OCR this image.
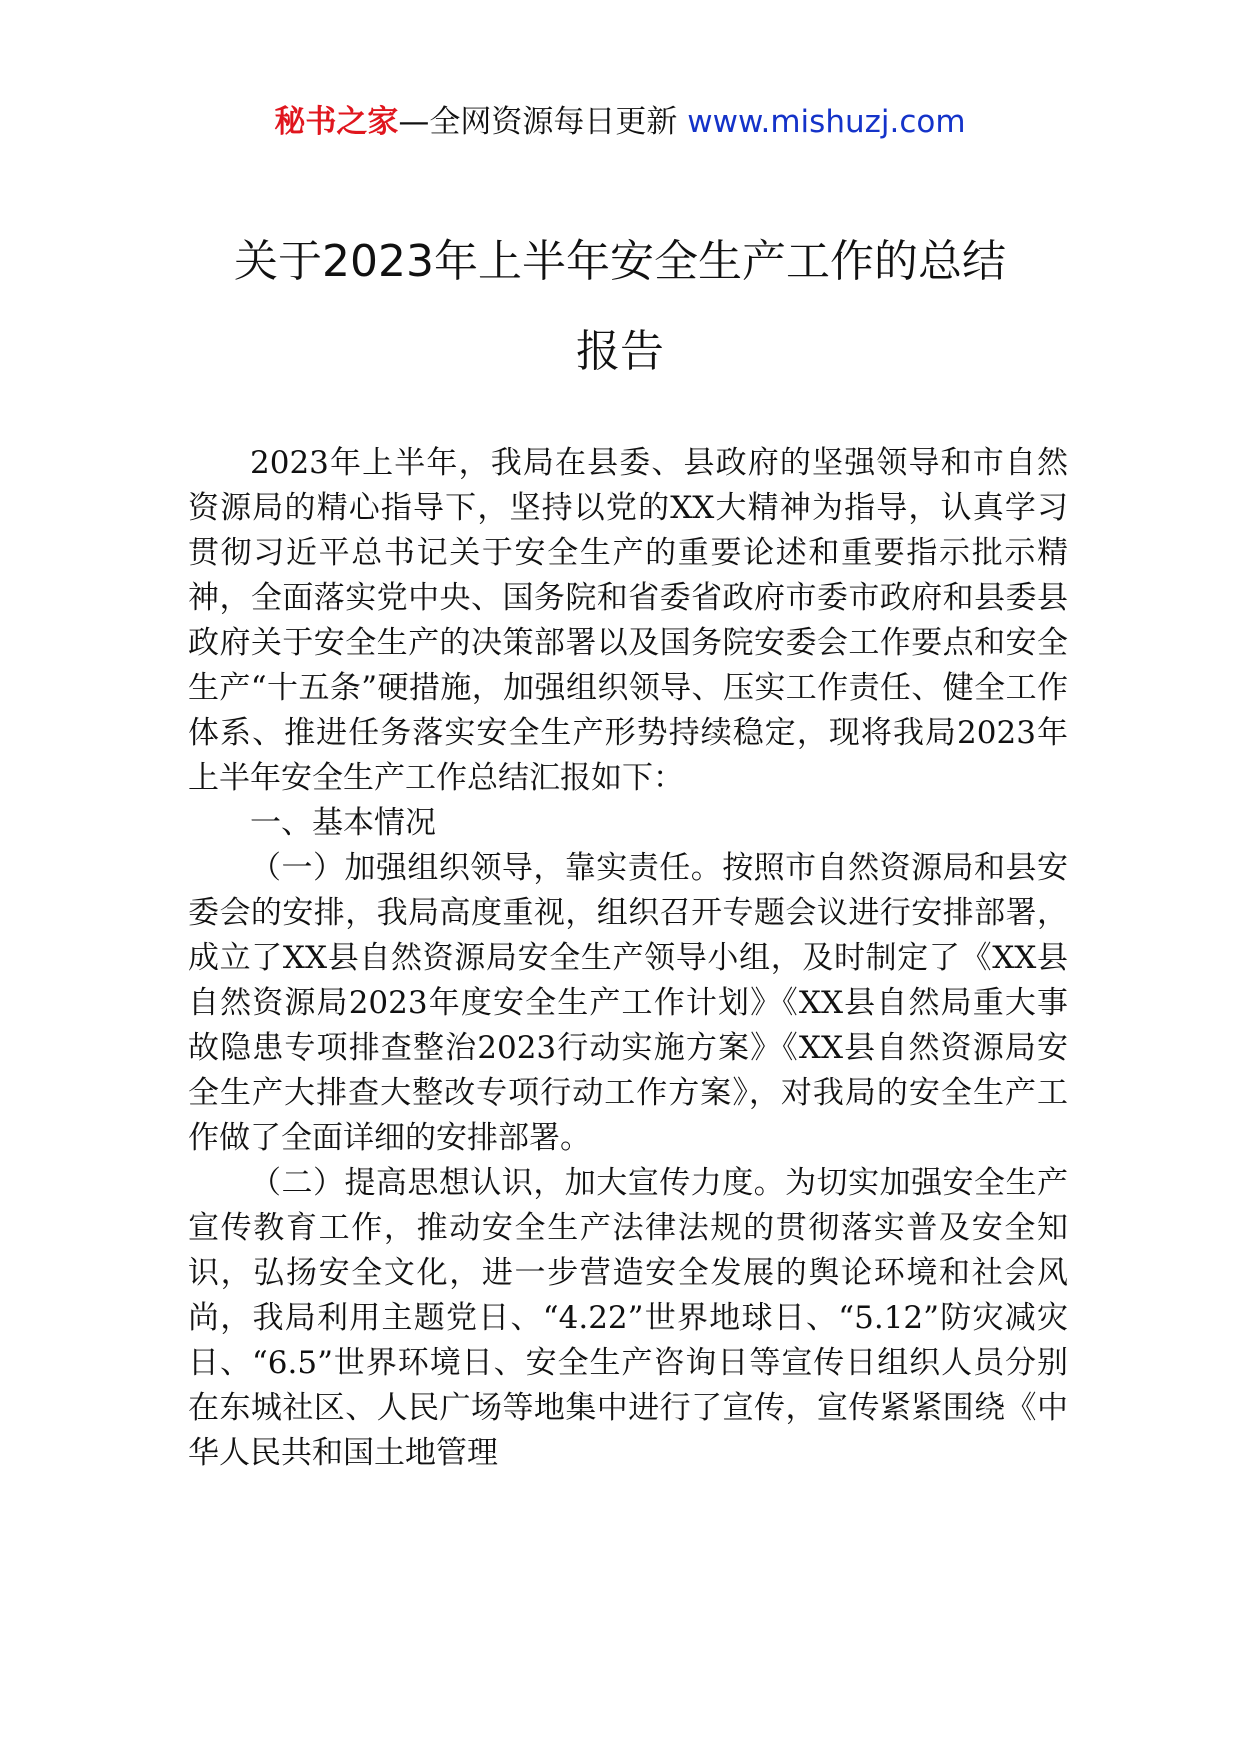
秘书之家—全网资源每日更新 www.mishuzj.com
关于2023年上半年安全生产工作的总结
报告

2023年上半年，我局在县委、县政府的坚强领导和市自然资源局的精心指导下，坚持以党的XX大精神为指导，认真学习贯彻习近平总书记关于安全生产的重要论述和重要指示批示精神，全面落实党中央、国务院和省委省政府市委市政府和县委县政府关于安全生产的决策部署以及国务院安委会工作要点和安全生产“十五条”硬措施，加强组织领导、压实工作责任、健全工作体系、推进任务落实安全生产形势持续稳定，现将我局2023年上半年安全生产工作总结汇报如下：

一、基本情况

（一）加强组织领导，靠实责任。按照市自然资源局和县安委会的安排，我局高度重视，组织召开专题会议进行安排部署，成立了XX县自然资源局安全生产领导小组，及时制定了《XX县自然资源局2023年度安全生产工作计划》《XX县自然局重大事故隐患专项排查整治2023行动实施方案》《XX县自然资源局安全生产大排查大整改专项行动工作方案》，对我局的安全生产工作做了全面详细的安排部署。

（二）提高思想认识，加大宣传力度。为切实加强安全生产宣传教育工作，推动安全生产法律法规的贯彻落实普及安全知识，弘扬安全文化，进一步营造安全发展的舆论环境和社会风尚，我局利用主题党日、“4.22”世界地球日、“5.12”防灾减灾日、“6.5”世界环境日、安全生产咨询日等宣传日组织人员分别在东城社区、人民广场等地集中进行了宣传，宣传紧紧围绕《中华人民共和国土地管理
